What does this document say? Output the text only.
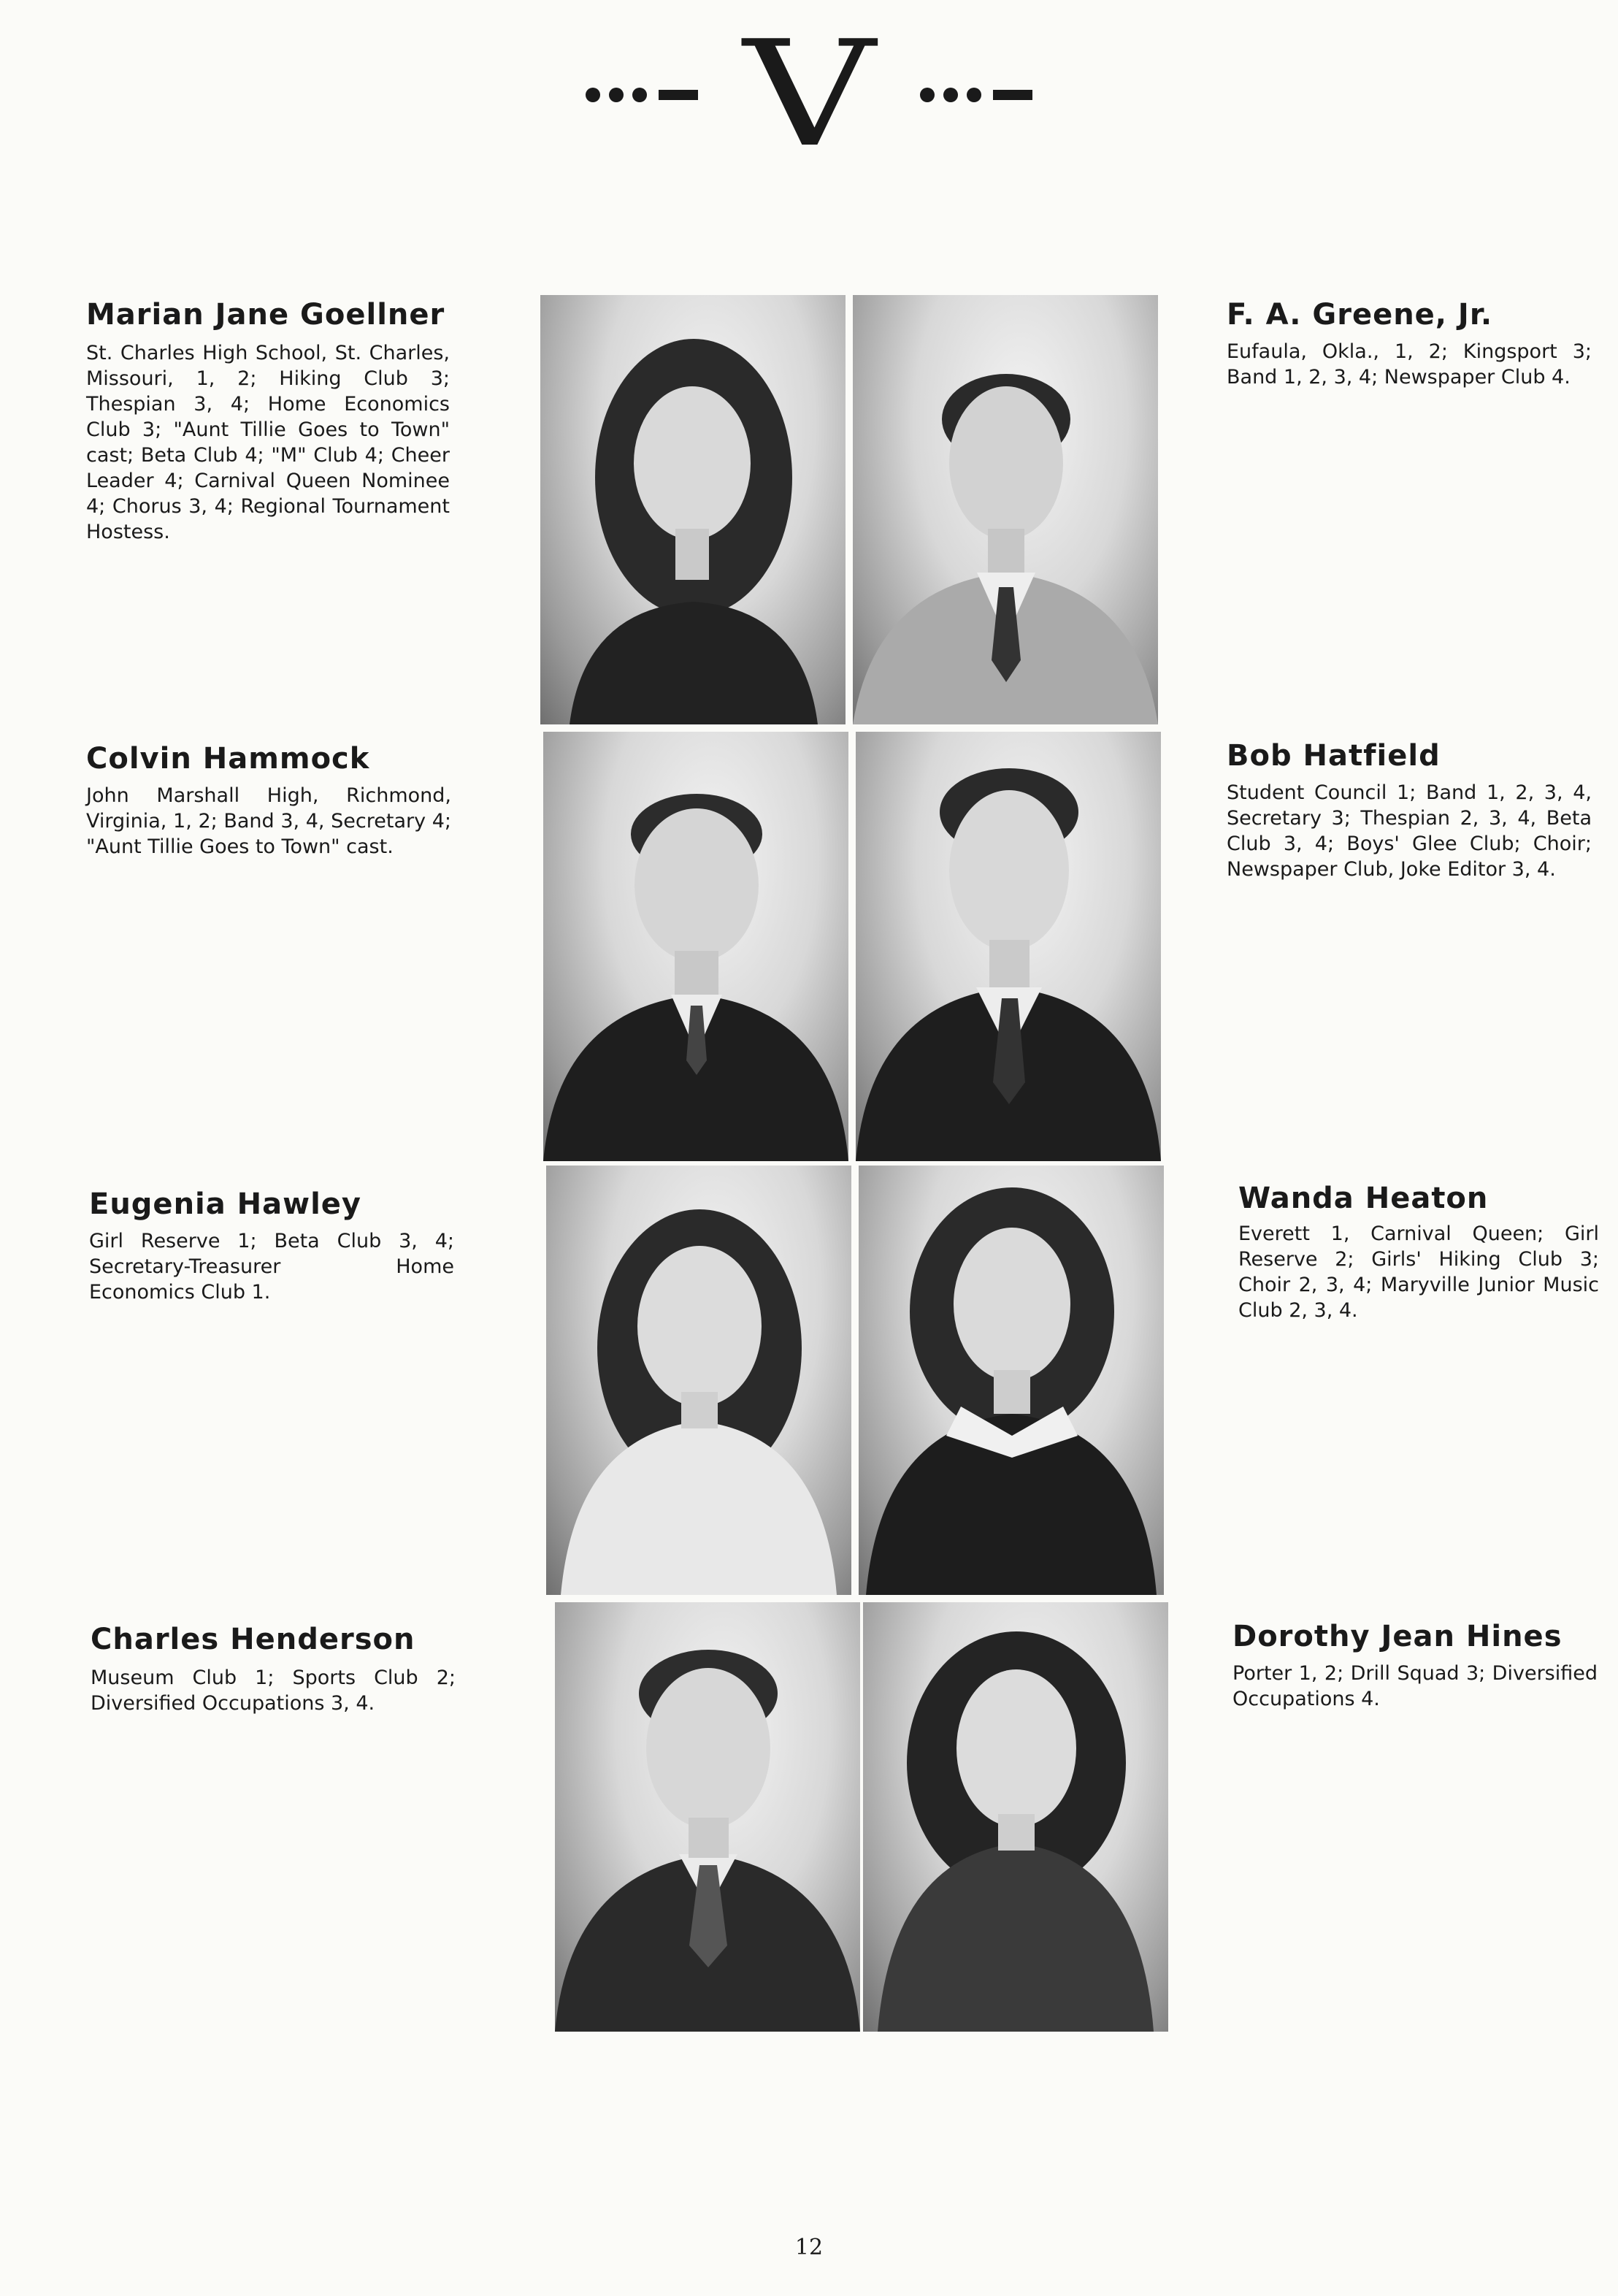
V
Marian Jane Goellner

St. Charles High School, St. Charles, Missouri, 1, 2; Hiking Club 3; Thespian 3, 4; Home Economics Club 3; "Aunt Tillie Goes to Town" cast; Beta Club 4; "M" Club 4; Cheer Leader 4; Carnival Queen Nominee 4; Chorus 3, 4; Regional Tournament Hostess.

F. A. Greene, Jr.

Eufaula, Okla., 1, 2; Kingsport 3; Band 1, 2, 3, 4; Newspaper Club 4.

Colvin Hammock

John Marshall High, Richmond, Virginia, 1, 2; Band 3, 4, Secretary 4; "Aunt Tillie Goes to Town" cast.

Bob Hatfield

Student Council 1; Band 1, 2, 3, 4, Secretary 3; Thespian 2, 3, 4, Beta Club 3, 4; Boys' Glee Club; Choir; Newspaper Club, Joke Editor 3, 4.

Eugenia Hawley

Girl Reserve 1; Beta Club 3, 4; Secretary-Treasurer Home Economics Club 1.

Wanda Heaton

Everett 1, Carnival Queen; Girl Reserve 2; Girls' Hiking Club 3; Choir 2, 3, 4; Maryville Junior Music Club 2, 3, 4.

Charles Henderson

Museum Club 1; Sports Club 2; Diversified Occupations 3, 4.

Dorothy Jean Hines

Porter 1, 2; Drill Squad 3; Diversified Occupations 4.

12
